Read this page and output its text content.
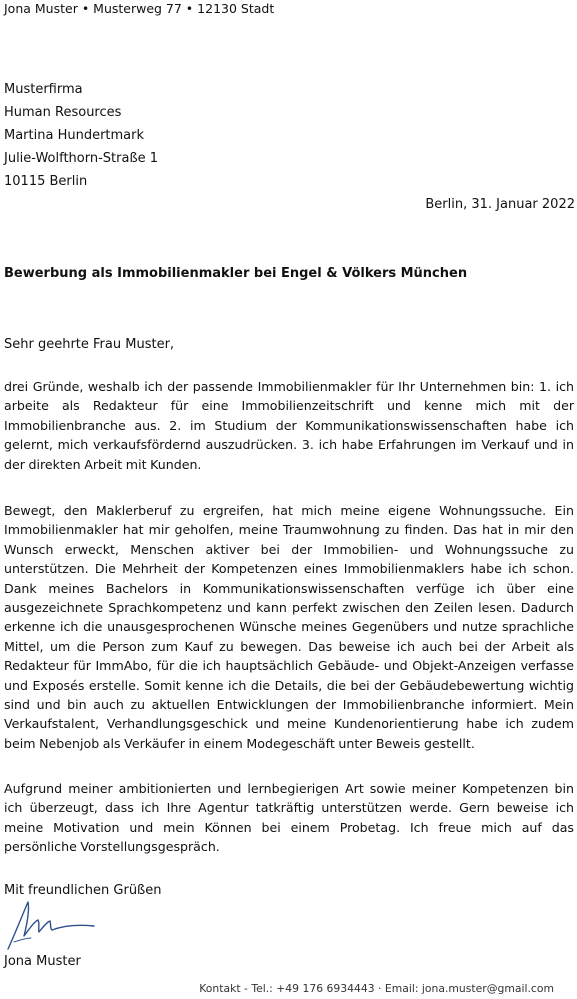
Jona Muster • Musterweg 77 • 12130 Stadt
Musterfirma
Human Resources
Martina Hundertmark
Julie-Wolfthorn-Straße 1
10115 Berlin
Berlin, 31. Januar 2022
Bewerbung als Immobilienmakler bei Engel & Völkers München
Sehr geehrte Frau Muster,
drei Gründe, weshalb ich der passende Immobilienmakler für Ihr Unternehmen bin: 1. ich arbeite als Redakteur für eine Immobilienzeitschrift und kenne mich mit der Immobilienbranche aus. 2. im Studium der Kommunikationswissenschaften habe ich gelernt, mich verkaufsfördernd auszudrücken. 3. ich habe Erfahrungen im Verkauf und in der direkten Arbeit mit Kunden.
Bewegt, den Maklerberuf zu ergreifen, hat mich meine eigene Wohnungssuche. Ein Immobilienmakler hat mir geholfen, meine Traumwohnung zu finden. Das hat in mir den Wunsch erweckt, Menschen aktiver bei der Immobilien- und Wohnungssuche zu unterstützen. Die Mehrheit der Kompetenzen eines Immobilienmaklers habe ich schon. Dank meines Bachelors in Kommunikationswissenschaften verfüge ich über eine ausgezeichnete Sprachkompetenz und kann perfekt zwischen den Zeilen lesen. Dadurch erkenne ich die unausgesprochenen Wünsche meines Gegenübers und nutze sprachliche Mittel, um die Person zum Kauf zu bewegen. Das beweise ich auch bei der Arbeit als Redakteur für ImmAbo, für die ich hauptsächlich Gebäude- und Objekt-Anzeigen verfasse und Exposés erstelle. Somit kenne ich die Details, die bei der Gebäudebewertung wichtig sind und bin auch zu aktuellen Entwicklungen der Immobilienbranche informiert. Mein Verkaufstalent, Verhandlungsgeschick und meine Kundenorientierung habe ich zudem beim Nebenjob als Verkäufer in einem Modegeschäft unter Beweis gestellt.
Aufgrund meiner ambitionierten und lernbegierigen Art sowie meiner Kompetenzen bin ich überzeugt, dass ich Ihre Agentur tatkräftig unterstützen werde. Gern beweise ich meine Motivation und mein Können bei einem Probetag. Ich freue mich auf das persönliche Vorstellungsgespräch.
Mit freundlichen Grüßen
Jona Muster
Kontakt - Tel.: +49 176 6934443 · Email: jona.muster@gmail.com
